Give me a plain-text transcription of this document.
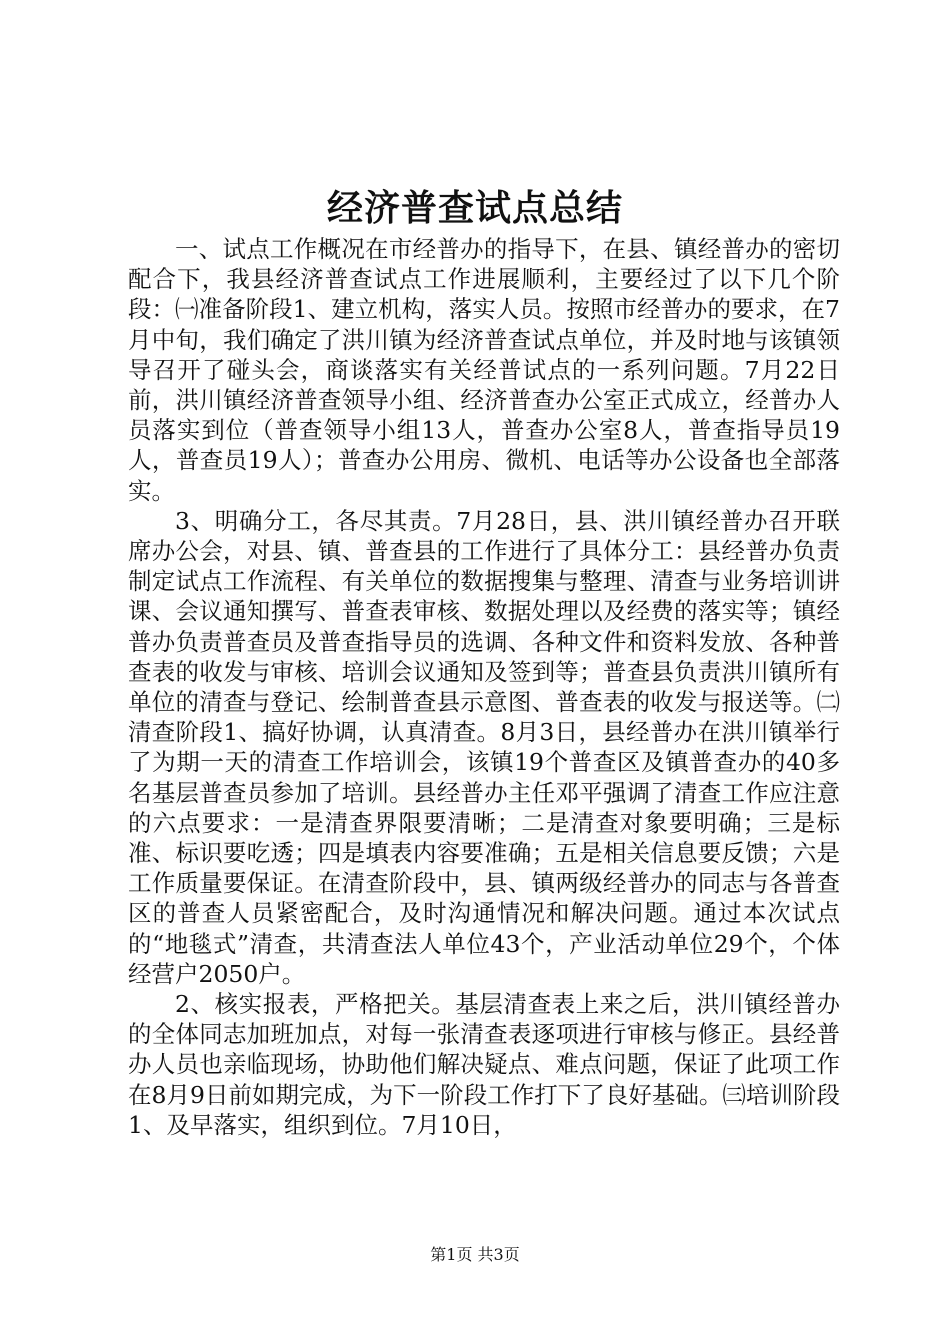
经济普查试点总结

一、试点工作概况在市经普办的指导下，在县、镇经普办的密切配合下，我县经济普查试点工作进展顺利，主要经过了以下几个阶段：㈠准备阶段1、建立机构，落实人员。按照市经普办的要求，在7月中旬，我们确定了洪川镇为经济普查试点单位，并及时地与该镇领导召开了碰头会，商谈落实有关经普试点的一系列问题。7月22日前，洪川镇经济普查领导小组、经济普查办公室正式成立，经普办人员落实到位（普查领导小组13人，普查办公室8人，普查指导员19人，普查员19人）；普查办公用房、微机、电话等办公设备也全部落实。

3、明确分工，各尽其责。7月28日，县、洪川镇经普办召开联席办公会，对县、镇、普查县的工作进行了具体分工：县经普办负责制定试点工作流程、有关单位的数据搜集与整理、清查与业务培训讲课、会议通知撰写、普查表审核、数据处理以及经费的落实等；镇经普办负责普查员及普查指导员的选调、各种文件和资料发放、各种普查表的收发与审核、培训会议通知及签到等；普查县负责洪川镇所有单位的清查与登记、绘制普查县示意图、普查表的收发与报送等。㈡清查阶段1、搞好协调，认真清查。8月3日，县经普办在洪川镇举行了为期一天的清查工作培训会，该镇19个普查区及镇普查办的40多名基层普查员参加了培训。县经普办主任邓平强调了清查工作应注意的六点要求：一是清查界限要清晰；二是清查对象要明确；三是标准、标识要吃透；四是填表内容要准确；五是相关信息要反馈；六是工作质量要保证。在清查阶段中，县、镇两级经普办的同志与各普查区的普查人员紧密配合，及时沟通情况和解决问题。通过本次试点的“地毯式”清查，共清查法人单位43个，产业活动单位29个，个体经营户2050户。

2、核实报表，严格把关。基层清查表上来之后，洪川镇经普办的全体同志加班加点，对每一张清查表逐项进行审核与修正。县经普办人员也亲临现场，协助他们解决疑点、难点问题，保证了此项工作在8月9日前如期完成，为下一阶段工作打下了良好基础。㈢培训阶段1、及早落实，组织到位。7月10日，

第1页 共3页
